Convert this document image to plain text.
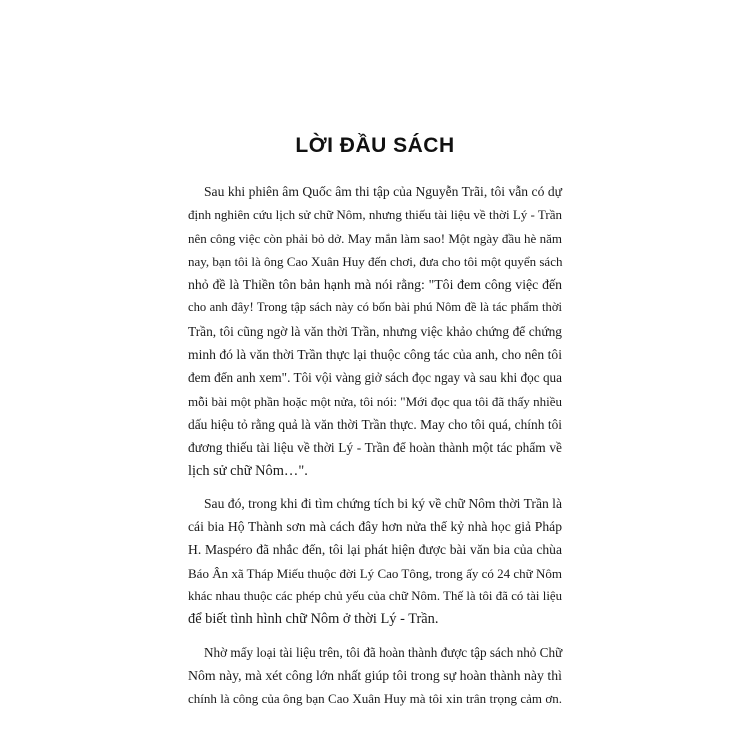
LỜI ĐẦU SÁCH
Sau khi phiên âm Quốc âm thi tập của Nguyễn Trãi, tôi vẫn có dự
định nghiên cứu lịch sử chữ Nôm, nhưng thiếu tài liệu về thời Lý - Trần
nên công việc còn phải bỏ dở. May mắn làm sao! Một ngày đầu hè năm
nay, bạn tôi là ông Cao Xuân Huy đến chơi, đưa cho tôi một quyển sách
nhỏ đề là Thiền tôn bản hạnh mà nói rằng: "Tôi đem công việc đến
cho anh đây! Trong tập sách này có bốn bài phú Nôm đề là tác phẩm thời
Trần, tôi cũng ngờ là văn thời Trần, nhưng việc khảo chứng để chứng
minh đó là văn thời Trần thực lại thuộc công tác của anh, cho nên tôi
đem đến anh xem". Tôi vội vàng giở sách đọc ngay và sau khi đọc qua
mỗi bài một phần hoặc một nửa, tôi nói: "Mới đọc qua tôi đã thấy nhiều
dấu hiệu tỏ rằng quả là văn thời Trần thực. May cho tôi quá, chính tôi
đương thiếu tài liệu về thời Lý - Trần để hoàn thành một tác phẩm về
lịch sử chữ Nôm…".
Sau đó, trong khi đi tìm chứng tích bi ký về chữ Nôm thời Trần là
cái bia Hộ Thành sơn mà cách đây hơn nửa thế kỷ nhà học giả Pháp
H. Maspéro đã nhắc đến, tôi lại phát hiện được bài văn bia của chùa
Báo Ân xã Tháp Miếu thuộc đời Lý Cao Tông, trong ấy có 24 chữ Nôm
khác nhau thuộc các phép chủ yếu của chữ Nôm. Thế là tôi đã có tài liệu
để biết tình hình chữ Nôm ở thời Lý - Trần.
Nhờ mấy loại tài liệu trên, tôi đã hoàn thành được tập sách nhỏ Chữ
Nôm này, mà xét công lớn nhất giúp tôi trong sự hoàn thành này thì
chính là công của ông bạn Cao Xuân Huy mà tôi xin trân trọng cảm ơn.
